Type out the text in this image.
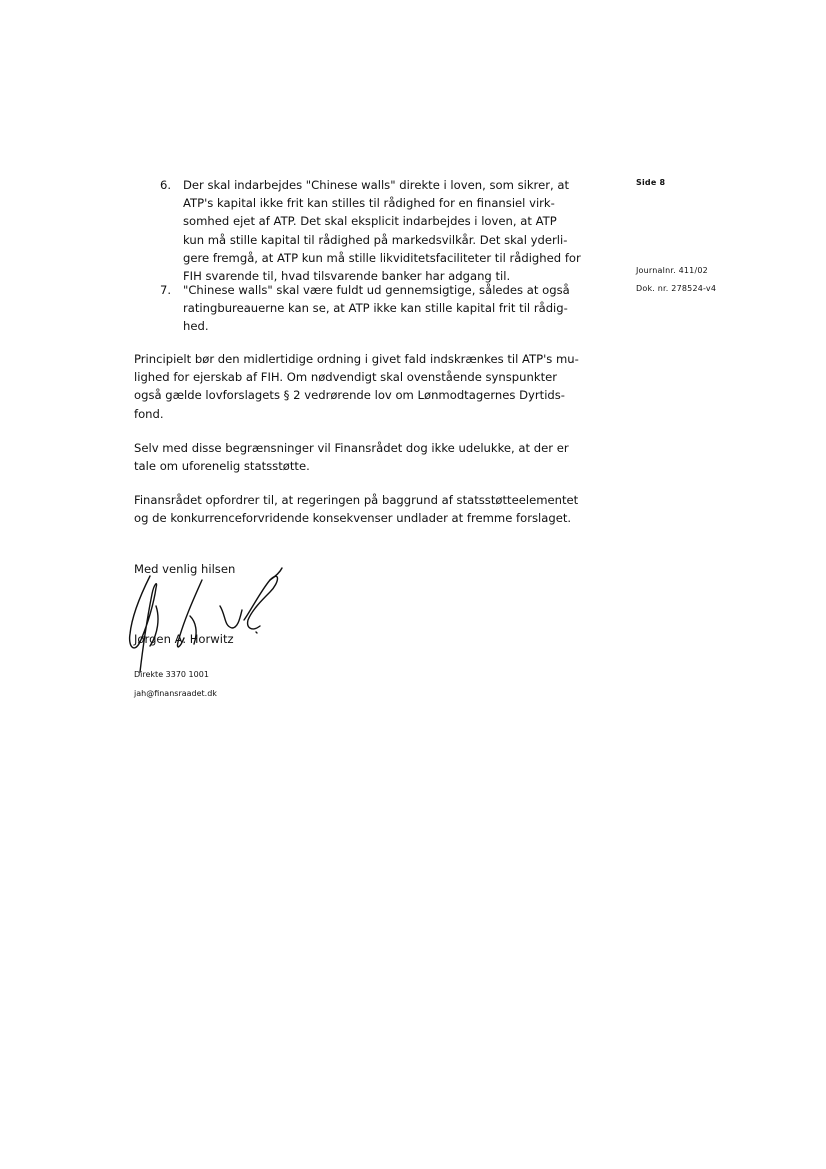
Side 8
Journalnr. 411/02
Dok. nr. 278524-v4
6. Der skal indarbejdes "Chinese walls" direkte i loven, som sikrer, at
ATP's kapital ikke frit kan stilles til rådighed for en finansiel virk-
somhed ejet af ATP. Det skal eksplicit indarbejdes i loven, at ATP
kun må stille kapital til rådighed på markedsvilkår. Det skal yderli-
gere fremgå, at ATP kun må stille likviditetsfaciliteter til rådighed for
FIH svarende til, hvad tilsvarende banker har adgang til.
7. "Chinese walls" skal være fuldt ud gennemsigtige, således at også
ratingbureauerne kan se, at ATP ikke kan stille kapital frit til rådig-
hed.
Principielt bør den midlertidige ordning i givet fald indskrænkes til ATP's mu-
lighed for ejerskab af FIH. Om nødvendigt skal ovenstående synspunkter
også gælde lovforslagets § 2 vedrørende lov om Lønmodtagernes Dyrtids-
fond.
Selv med disse begrænsninger vil Finansrådet dog ikke udelukke, at der er
tale om uforenelig statsstøtte.
Finansrådet opfordrer til, at regeringen på baggrund af statsstøtteelementet
og de konkurrenceforvridende konsekvenser undlader at fremme forslaget.
Med venlig hilsen
Jørgen A. Horwitz
Direkte 3370 1001
jah@finansraadet.dk
